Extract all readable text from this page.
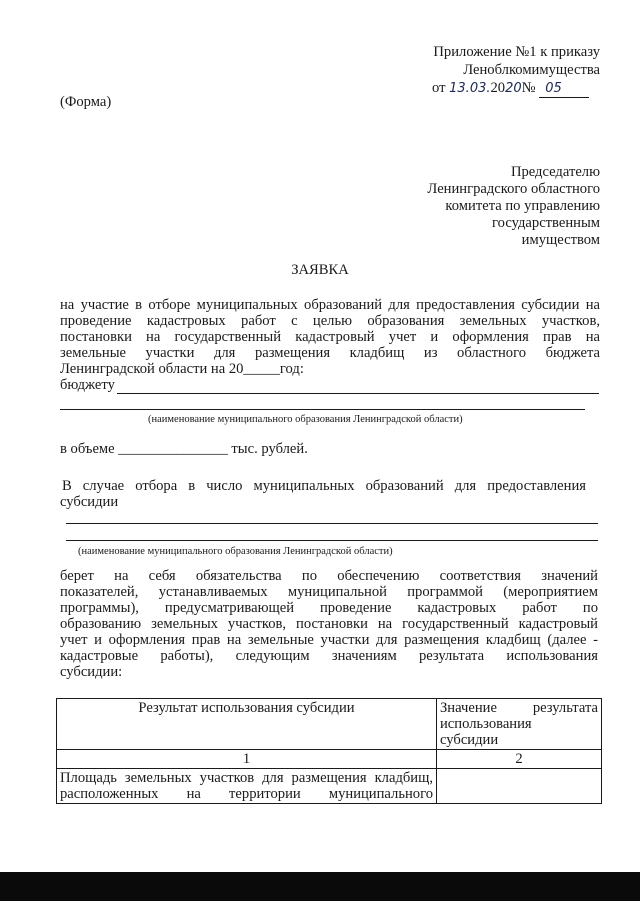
Приложение №1 к приказу
Леноблкомимущества
от 13.03.2020№ 05
(Форма)
Председателю
Ленинградского областного
комитета по управлению
государственным
имуществом
ЗАЯВКА
на участие в отборе муниципальных образований для предоставления субсидии на
проведение кадастровых работ с целью образования земельных участков,
постановки на государственный кадастровый учет и оформления прав на
земельные участки для размещения кладбищ из областного бюджета
Ленинградской области на 20_____год:
бюджету
(наименование муниципального образования Ленинградской области)
в объеме _______________ тыс. рублей.
В случае отбора в число муниципальных образований для предоставления
субсидии
(наименование муниципального образования Ленинградской области)
берет на себя обязательства по обеспечению соответствия значений
показателей, устанавливаемых муниципальной программой (мероприятием
программы), предусматривающей проведение кадастровых работ по
образованию земельных участков, постановки на государственный кадастровый
учет и оформления прав на земельные участки для размещения кладбищ (далее -
кадастровые работы), следующим значениям результата использования
субсидии:
Результат использования субсидии	Значение результата
использования
субсидии

1	2

Площадь земельных участков для размещения кладбищ,
расположенных на территории муниципального	
